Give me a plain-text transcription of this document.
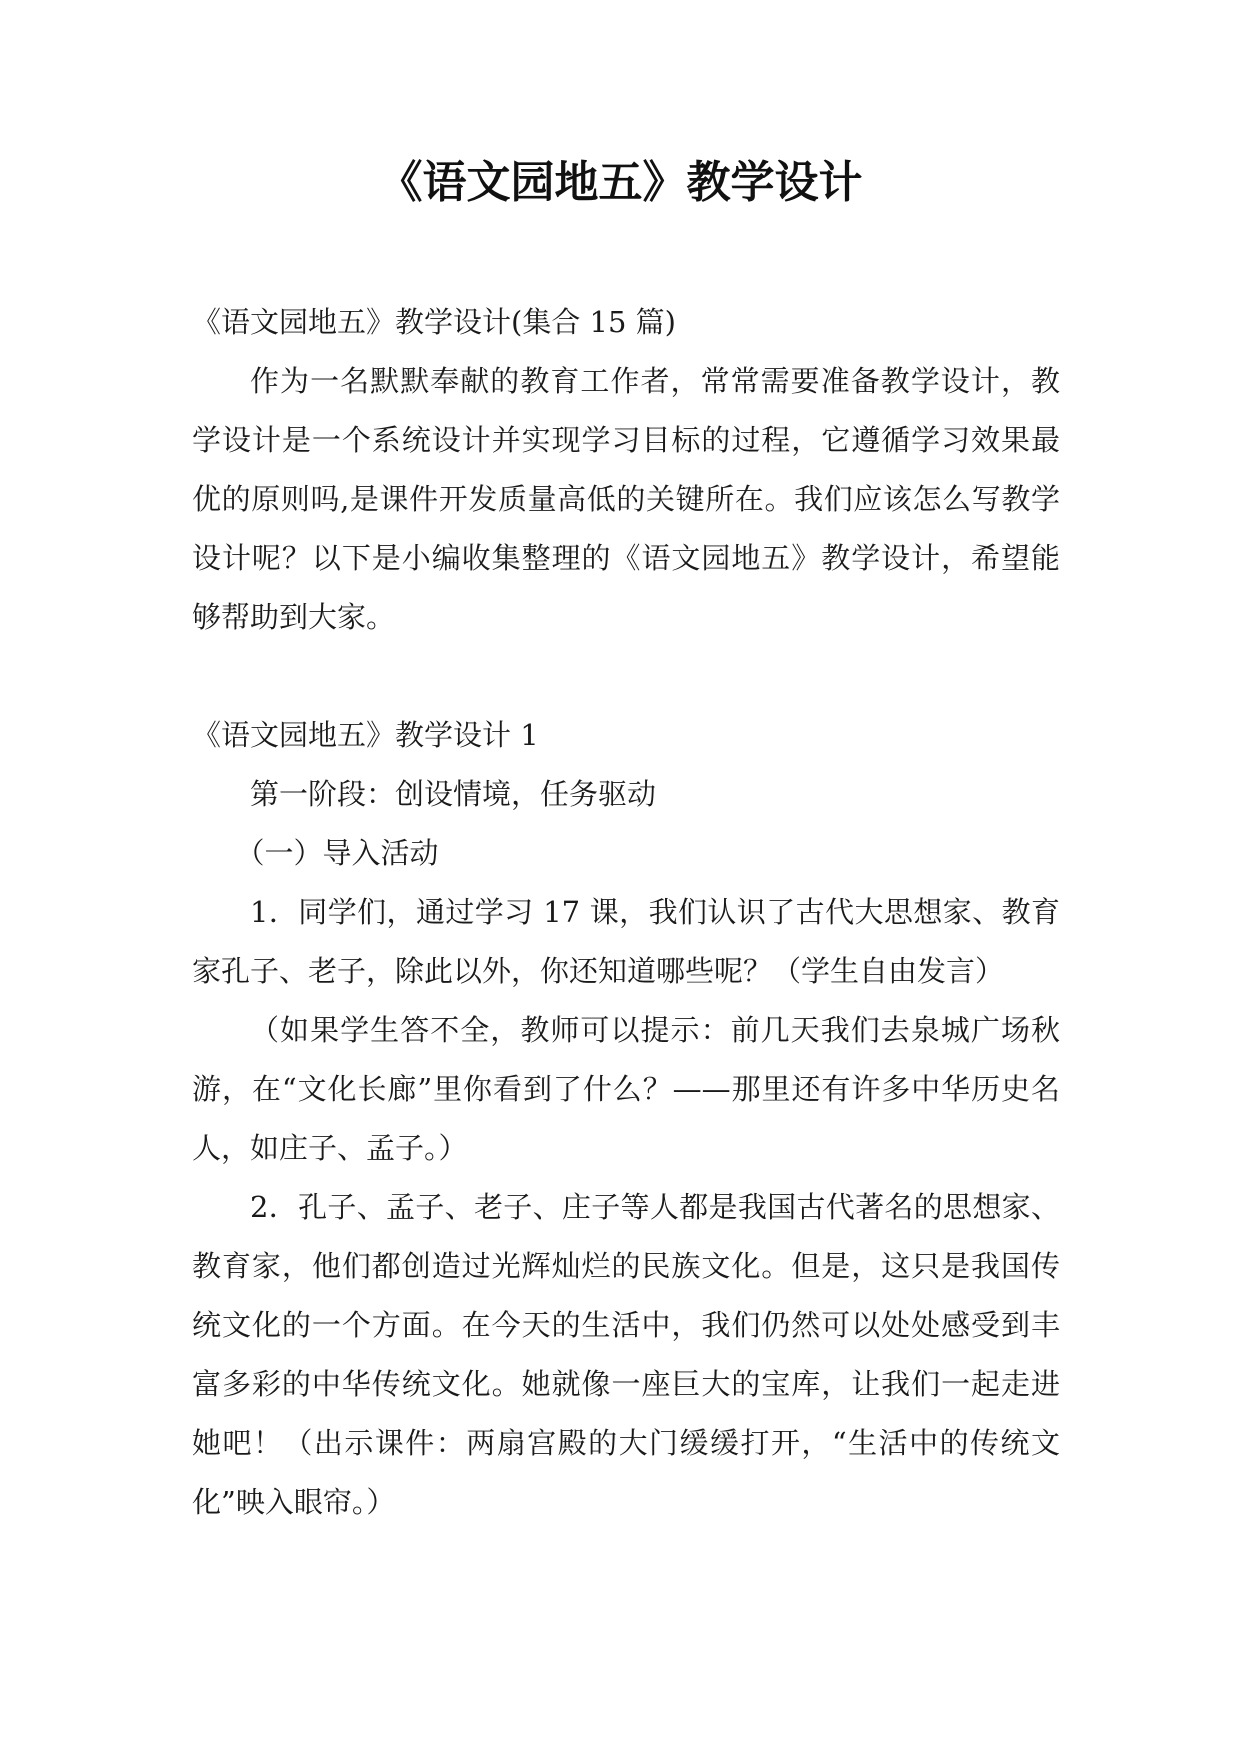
《语文园地五》教学设计

《语文园地五》教学设计(集合 15 篇)

作为一名默默奉献的教育工作者，常常需要准备教学设计，教学设计是一个系统设计并实现学习目标的过程，它遵循学习效果最优的原则吗,是课件开发质量高低的关键所在。我们应该怎么写教学设计呢？以下是小编收集整理的《语文园地五》教学设计，希望能够帮助到大家。

《语文园地五》教学设计 1

第一阶段：创设情境，任务驱动

（一）导入活动

1．同学们，通过学习 17 课，我们认识了古代大思想家、教育家孔子、老子，除此以外，你还知道哪些呢？（学生自由发言）

（如果学生答不全，教师可以提示：前几天我们去泉城广场秋游，在“文化长廊”里你看到了什么？——那里还有许多中华历史名人，如庄子、孟子。）

2．孔子、孟子、老子、庄子等人都是我国古代著名的思想家、教育家，他们都创造过光辉灿烂的民族文化。但是，这只是我国传统文化的一个方面。在今天的生活中，我们仍然可以处处感受到丰富多彩的中华传统文化。她就像一座巨大的宝库，让我们一起走进她吧！（出示课件：两扇宫殿的大门缓缓打开，“生活中的传统文化”映入眼帘。）
